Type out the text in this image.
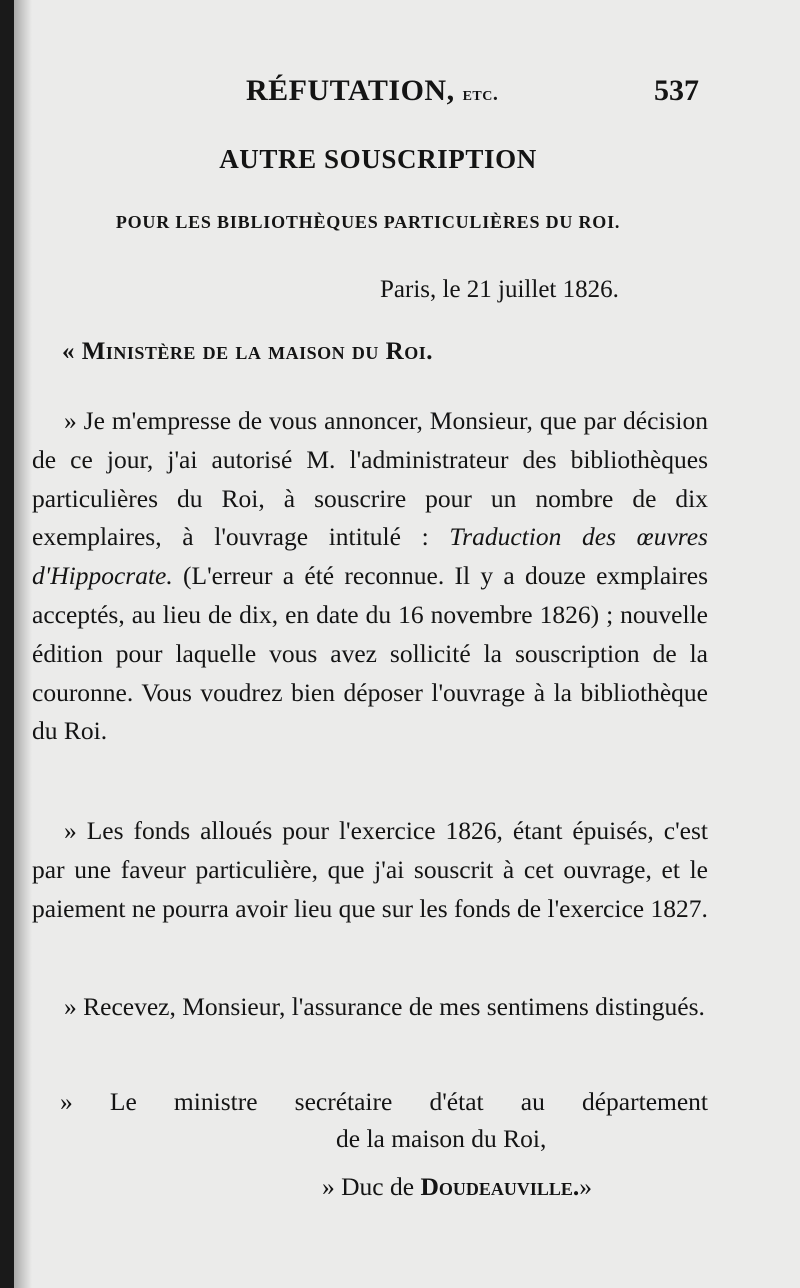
RÉFUTATION, etc.	537
AUTRE SOUSCRIPTION
POUR LES BIBLIOTHÈQUES PARTICULIÈRES DU ROI.
Paris, le 21 juillet 1826.
« Ministère de la maison du Roi.
» Je m'empresse de vous annoncer, Monsieur, que par décision de ce jour, j'ai autorisé M. l'administrateur des bibliothèques particulières du Roi, à souscrire pour un nombre de dix exemplaires, à l'ouvrage intitulé : Traduction des œuvres d'Hippocrate. (L'erreur a été reconnue. Il y a douze exmplaires acceptés, au lieu de dix, en date du 16 novembre 1826) ; nouvelle édition pour laquelle vous avez sollicité la souscription de la couronne. Vous voudrez bien déposer l'ouvrage à la bibliothèque du Roi.
» Les fonds alloués pour l'exercice 1826, étant épuisés, c'est par une faveur particulière, que j'ai souscrit à cet ouvrage, et le paiement ne pourra avoir lieu que sur les fonds de l'exercice 1827.
» Recevez, Monsieur, l'assurance de mes sentimens distingués.
» Le ministre secrétaire d'état au département
de la maison du Roi,
» Duc de Doudeauville.»
